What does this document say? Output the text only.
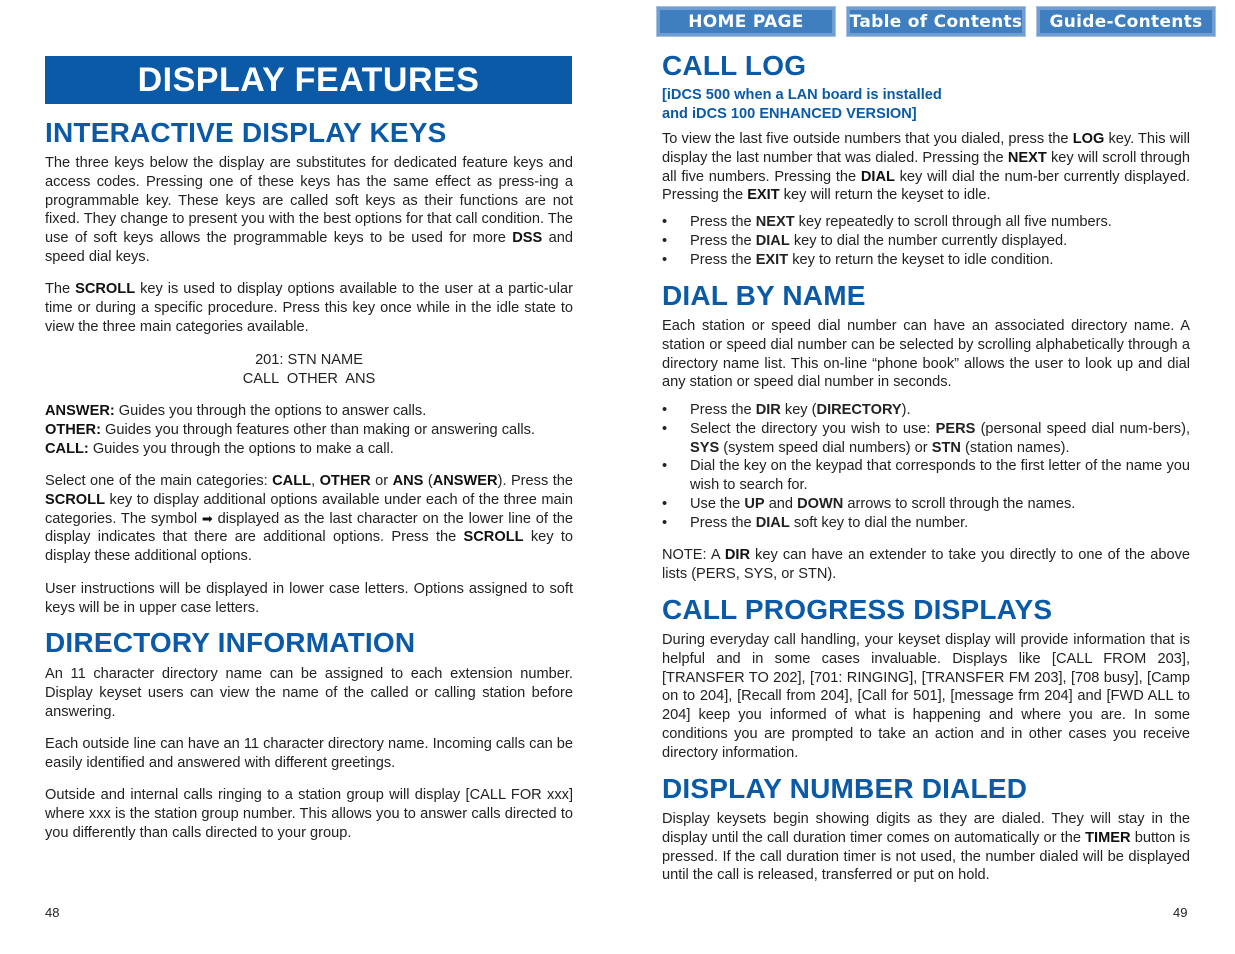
HOME PAGE	Table of Contents	Guide-Contents
DISPLAY FEATURES
INTERACTIVE DISPLAY KEYS

The three keys below the display are substitutes for dedicated feature keys and access codes. Pressing one of these keys has the same effect as press-ing a programmable key. These keys are called soft keys as their functions are not fixed. They change to present you with the best options for that call condition. The use of soft keys allows the programmable keys to be used for more DSS and speed dial keys.

The SCROLL key is used to display options available to the user at a partic-ular time or during a specific procedure. Press this key once while in the idle state to view the three main categories available.

201: STN NAME
CALL  OTHER  ANS
ANSWER: Guides you through the options to answer calls.
OTHER: Guides you through features other than making or answering calls.
CALL: Guides you through the options to make a call.

Select one of the main categories: CALL, OTHER or ANS (ANSWER). Press the SCROLL key to display additional options available under each of the three main categories. The symbol ➡ displayed as the last character on the lower line of the display indicates that there are additional options. Press the SCROLL key to display these additional options.

User instructions will be displayed in lower case letters. Options assigned to soft keys will be in upper case letters.

DIRECTORY INFORMATION

An 11 character directory name can be assigned to each extension number. Display keyset users can view the name of the called or calling station before answering.

Each outside line can have an 11 character directory name. Incoming calls can be easily identified and answered with different greetings.

Outside and internal calls ringing to a station group will display [CALL FOR xxx] where xxx is the station group number. This allows you to answer calls directed to you differently than calls directed to your group.

48
CALL LOG
[iDCS 500 when a LAN board is installed
and iDCS 100 ENHANCED VERSION]

To view the last five outside numbers that you dialed, press the LOG key. This will display the last number that was dialed. Pressing the NEXT key will scroll through all five numbers. Pressing the DIAL key will dial the num-ber currently displayed. Pressing the EXIT key will return the keyset to idle.

• Press the NEXT key repeatedly to scroll through all five numbers.
• Press the DIAL key to dial the number currently displayed.
• Press the EXIT key to return the keyset to idle condition.
DIAL BY NAME

Each station or speed dial number can have an associated directory name. A station or speed dial number can be selected by scrolling alphabetically through a directory name list. This on-line “phone book” allows the user to look up and dial any station or speed dial number in seconds.

• Press the DIR key (DIRECTORY).
• Select the directory you wish to use: PERS (personal speed dial num-bers), SYS (system speed dial numbers) or STN (station names).
• Dial the key on the keypad that corresponds to the first letter of the name you wish to search for.
• Use the UP and DOWN arrows to scroll through the names.
• Press the DIAL soft key to dial the number.

NOTE: A DIR key can have an extender to take you directly to one of the above lists (PERS, SYS, or STN).

CALL PROGRESS DISPLAYS

During everyday call handling, your keyset display will provide information that is helpful and in some cases invaluable. Displays like [CALL FROM 203], [TRANSFER TO 202], [701: RINGING], [TRANSFER FM 203], [708 busy], [Camp on to 204], [Recall from 204], [Call for 501], [message frm 204] and [FWD ALL to 204] keep you informed of what is happening and where you are. In some conditions you are prompted to take an action and in other cases you receive directory information.

DISPLAY NUMBER DIALED

Display keysets begin showing digits as they are dialed. They will stay in the display until the call duration timer comes on automatically or the TIMER button is pressed. If the call duration timer is not used, the number dialed will be displayed until the call is released, transferred or put on hold.

49
